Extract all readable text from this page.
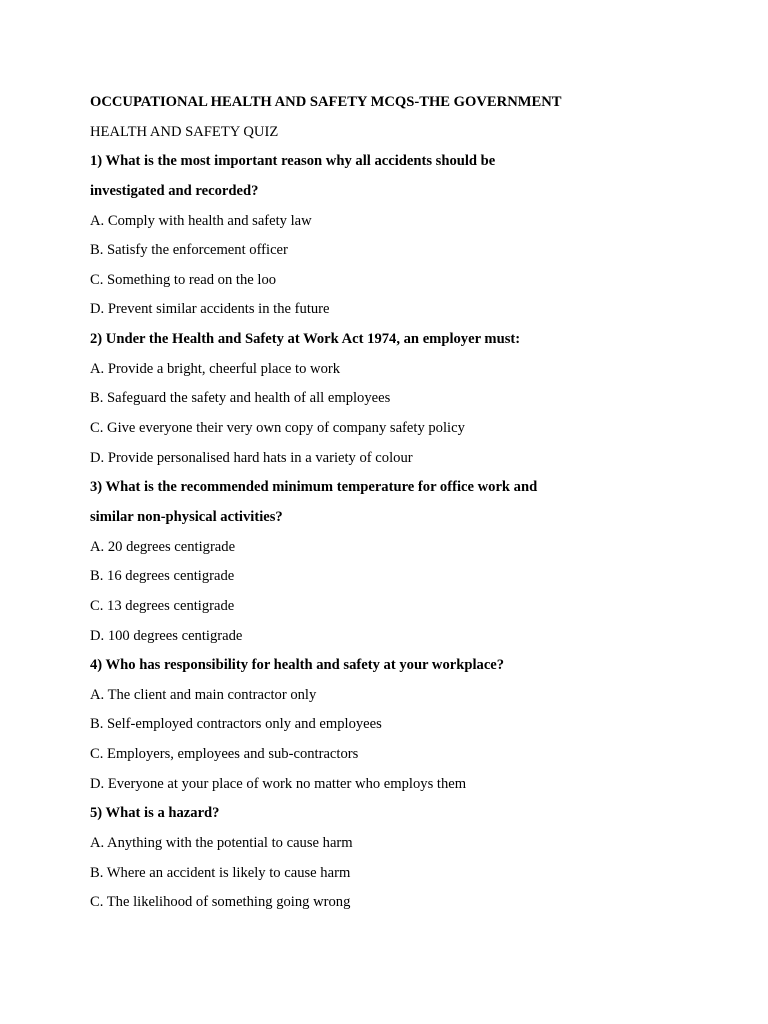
OCCUPATIONAL HEALTH AND SAFETY MCQS-THE GOVERNMENT
HEALTH AND SAFETY QUIZ
1) What is the most important reason why all accidents should be
investigated and recorded?
A. Comply with health and safety law
B. Satisfy the enforcement officer
C. Something to read on the loo
D. Prevent similar accidents in the future
2) Under the Health and Safety at Work Act 1974, an employer must:
A. Provide a bright, cheerful place to work
B. Safeguard the safety and health of all employees
C. Give everyone their very own copy of company safety policy
D. Provide personalised hard hats in a variety of colour
3) What is the recommended minimum temperature for office work and
similar non-physical activities?
A. 20 degrees centigrade
B. 16 degrees centigrade
C. 13 degrees centigrade
D. 100 degrees centigrade
4) Who has responsibility for health and safety at your workplace?
A. The client and main contractor only
B. Self-employed contractors only and employees
C. Employers, employees and sub-contractors
D. Everyone at your place of work no matter who employs them
5) What is a hazard?
A. Anything with the potential to cause harm
B. Where an accident is likely to cause harm
C. The likelihood of something going wrong
